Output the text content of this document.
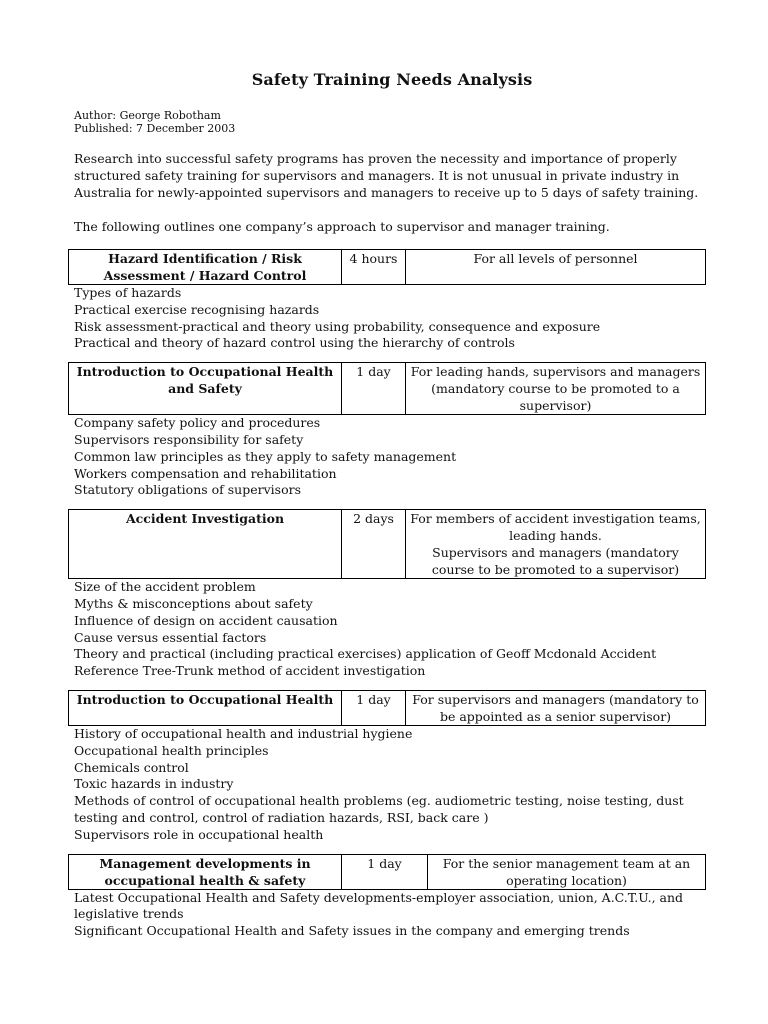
Safety Training Needs Analysis
Author: George Robotham
Published: 7 December 2003

Research into successful safety programs has proven the necessity and importance of properly structured safety training for supervisors and managers. It is not unusual in private industry in Australia for newly-appointed supervisors and managers to receive up to 5 days of safety training.

The following outlines one company’s approach to supervisor and manager training.

Hazard Identification / Risk Assessment / Hazard Control	4 hours	For all levels of personnel
Types of hazards
Practical exercise recognising hazards
Risk assessment-practical and theory using probability, consequence and exposure
Practical and theory of hazard control using the hierarchy of controls
Introduction to Occupational Health and Safety	1 day	For leading hands, supervisors and managers (mandatory course to be promoted to a supervisor)
Company safety policy and procedures
Supervisors responsibility for safety
Common law principles as they apply to safety management
Workers compensation and rehabilitation
Statutory obligations of supervisors
Accident Investigation	2 days	For members of accident investigation teams, leading hands.
Supervisors and managers (mandatory course to be promoted to a supervisor)
Size of the accident problem
Myths & misconceptions about safety
Influence of design on accident causation
Cause versus essential factors
Theory and practical (including practical exercises) application of Geoff Mcdonald Accident Reference Tree-Trunk method of accident investigation
Introduction to Occupational Health	1 day	For supervisors and managers (mandatory to be appointed as a senior supervisor)
History of occupational health and industrial hygiene
Occupational health principles
Chemicals control
Toxic hazards in industry
Methods of control of occupational health problems (eg. audiometric testing, noise testing, dust testing and control, control of radiation hazards, RSI, back care )
Supervisors role in occupational health
Management developments in occupational health & safety	1 day	For the senior management team at an operating location)
Latest Occupational Health and Safety developments-employer association, union, A.C.T.U., and legislative trends
Significant Occupational Health and Safety issues in the company and emerging trends
